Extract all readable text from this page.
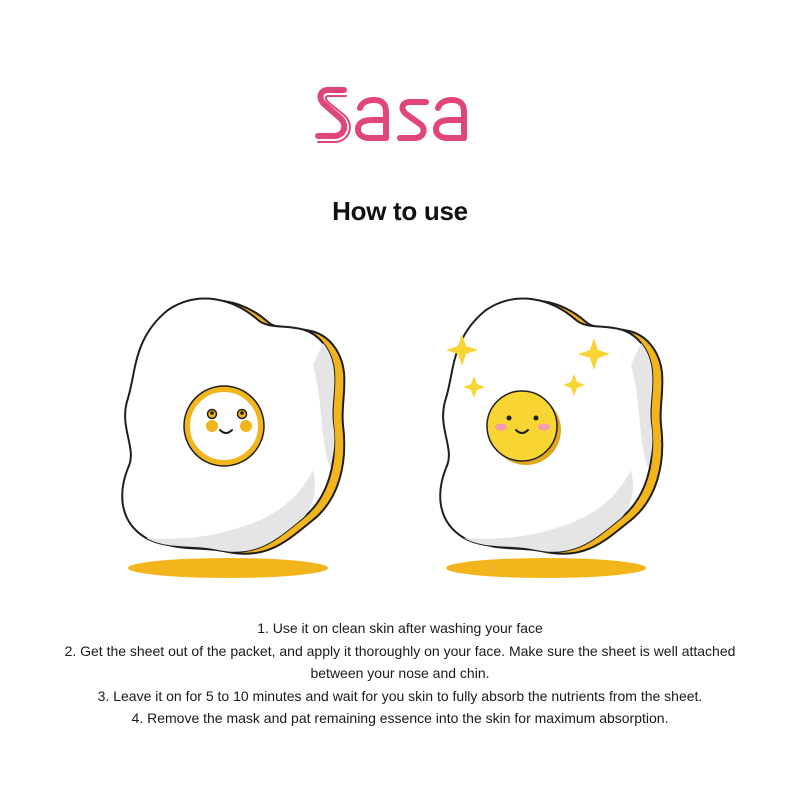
How to use

1. Use it on clean skin after washing your face

2. Get the sheet out of the packet, and apply it thoroughly on your face. Make sure the sheet is well attached between your nose and chin.

3. Leave it on for 5 to 10 minutes and wait for you skin to fully absorb the nutrients from the sheet.

4. Remove the mask and pat remaining essence into the skin for maximum absorption.
